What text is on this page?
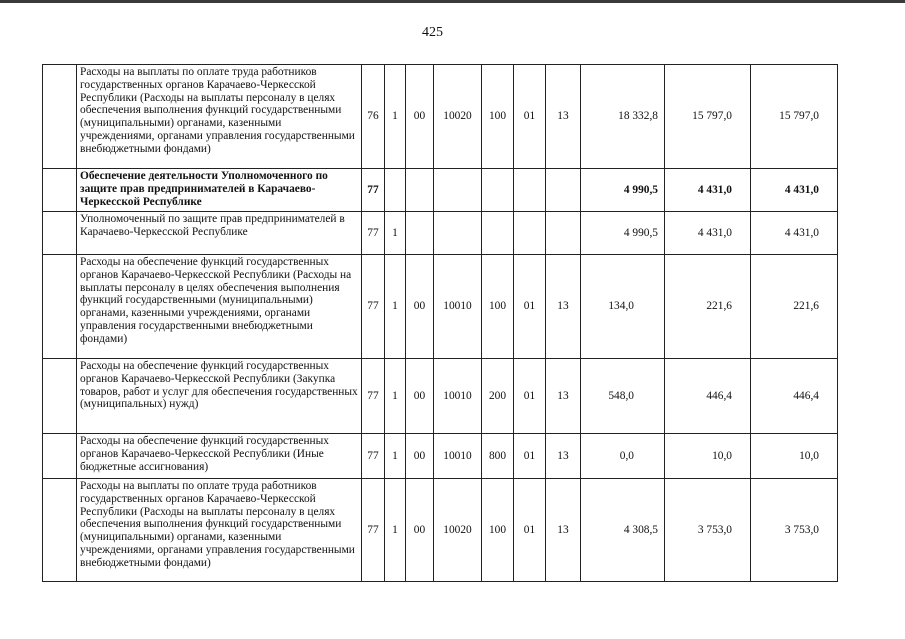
425
	Расходы на выплаты по оплате труда работников государственных органов Карачаево-Черкесской Республики (Расходы на выплаты персоналу в целях обеспечения выполнения функций государственными (муниципальными) органами, казенными учреждениями, органами управления государственными внебюджетными фондами)	76	1	00	10020	100	01	13	18 332,8	15 797,0	15 797,0
	Обеспечение деятельности Уполномоченного по защите прав предпринимателей в Карачаево-Черкесской Республике	77							4 990,5	4 431,0	4 431,0
	Уполномоченный по защите прав предпринимателей в Карачаево-Черкесской Республике	77	1						4 990,5	4 431,0	4 431,0
	Расходы на обеспечение функций государственных органов Карачаево-Черкесской Республики (Расходы на выплаты персоналу в целях обеспечения выполнения функций государственными (муниципальными) органами, казенными учреждениями, органами управления государственными внебюджетными фондами)	77	1	00	10010	100	01	13	134,0	221,6	221,6
	Расходы на обеспечение функций государственных органов Карачаево-Черкесской Республики (Закупка товаров, работ и услуг для обеспечения государственных (муниципальных) нужд)	77	1	00	10010	200	01	13	548,0	446,4	446,4
	Расходы на обеспечение функций государственных органов Карачаево-Черкесской Республики (Иные бюджетные ассигнования)	77	1	00	10010	800	01	13	0,0	10,0	10,0
	Расходы на выплаты по оплате труда работников государственных органов Карачаево-Черкесской Республики (Расходы на выплаты персоналу в целях обеспечения выполнения функций государственными (муниципальными) органами, казенными учреждениями, органами управления государственными внебюджетными фондами)	77	1	00	10020	100	01	13	4 308,5	3 753,0	3 753,0
